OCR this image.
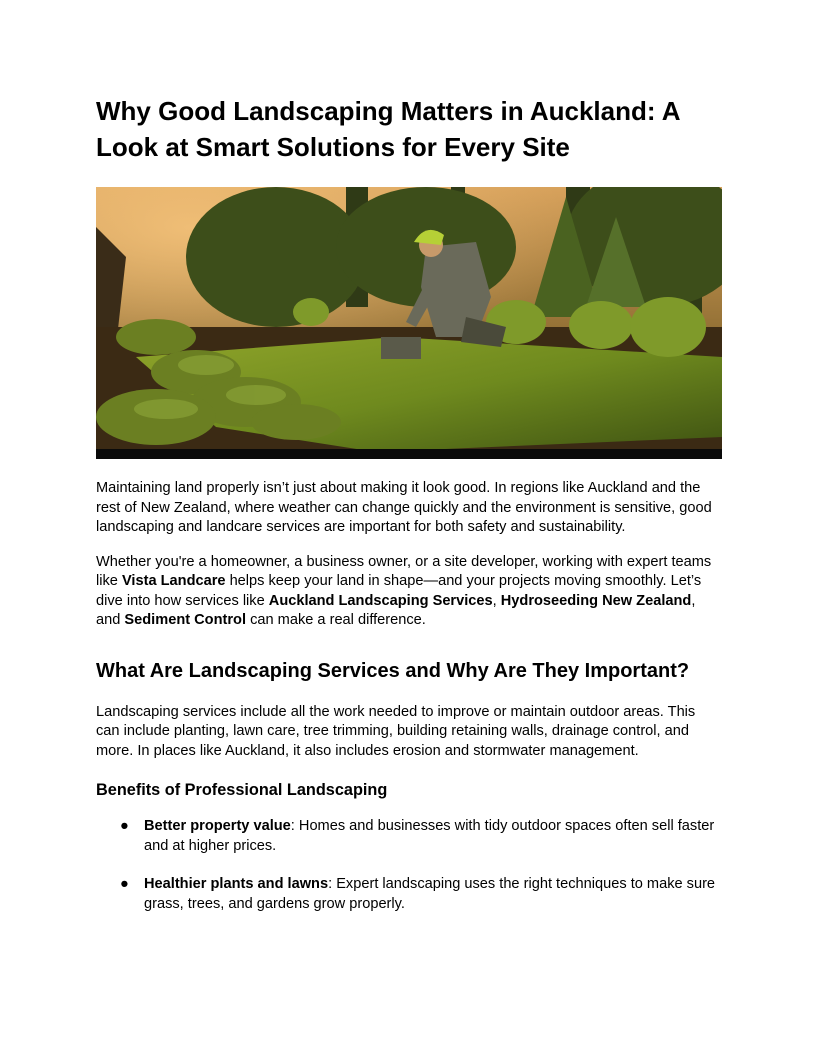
Why Good Landscaping Matters in Auckland: A Look at Smart Solutions for Every Site

Maintaining land properly isn’t just about making it look good. In regions like Auckland and the rest of New Zealand, where weather can change quickly and the environment is sensitive, good landscaping and landcare services are important for both safety and sustainability.

Whether you're a homeowner, a business owner, or a site developer, working with expert teams like Vista Landcare helps keep your land in shape—and your projects moving smoothly. Let’s dive into how services like Auckland Landscaping Services, Hydroseeding New Zealand, and Sediment Control can make a real difference.

What Are Landscaping Services and Why Are They Important?

Landscaping services include all the work needed to improve or maintain outdoor areas. This can include planting, lawn care, tree trimming, building retaining walls, drainage control, and more. In places like Auckland, it also includes erosion and stormwater management.

Benefits of Professional Landscaping
● Better property value: Homes and businesses with tidy outdoor spaces often sell faster and at higher prices.
● Healthier plants and lawns: Expert landscaping uses the right techniques to make sure grass, trees, and gardens grow properly.
